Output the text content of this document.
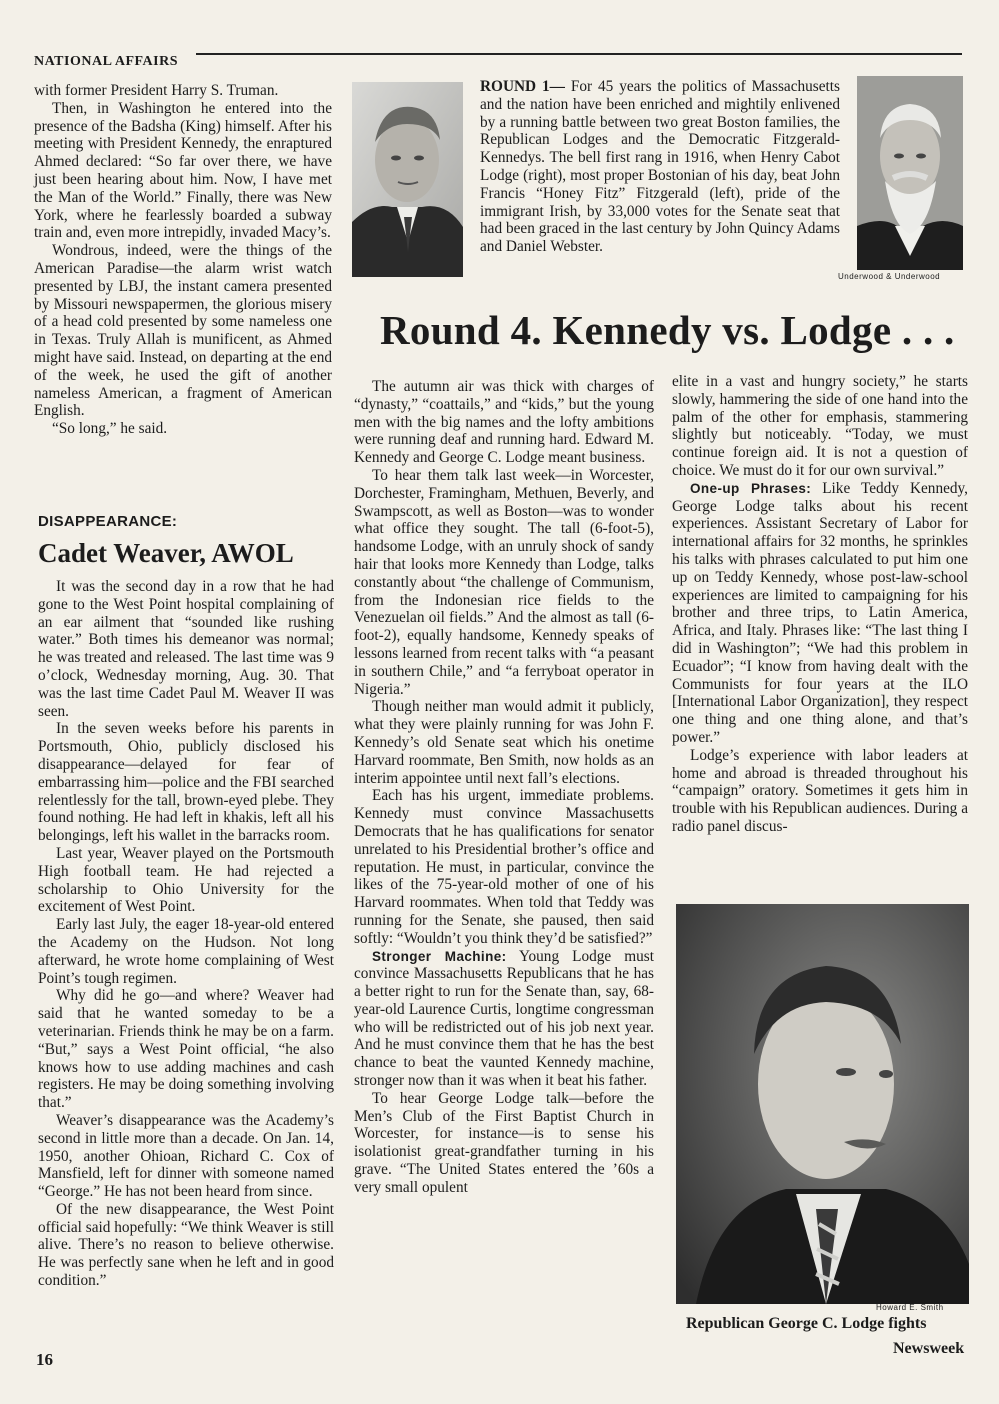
NATIONAL AFFAIRS

with former President Harry S. Truman.

Then, in Washington he entered into the presence of the Badsha (King) himself. After his meeting with President Kennedy, the enraptured Ahmed declared: “So far over there, we have just been hearing about him. Now, I have met the Man of the World.” Finally, there was New York, where he fearlessly boarded a subway train and, even more intrepidly, invaded Macy’s.

Wondrous, indeed, were the things of the American Paradise—the alarm wrist watch presented by LBJ, the instant camera presented by Missouri newspapermen, the glorious misery of a head cold presented by some nameless one in Texas. Truly Allah is munificent, as Ahmed might have said. Instead, on departing at the end of the week, he used the gift of another nameless American, a fragment of American English.

“So long,” he said.

DISAPPEARANCE:
Cadet Weaver, AWOL

It was the second day in a row that he had gone to the West Point hospital complaining of an ear ailment that “sounded like rushing water.” Both times his demeanor was normal; he was treated and released. The last time was 9 o’clock, Wednesday morning, Aug. 30. That was the last time Cadet Paul M. Weaver II was seen.

In the seven weeks before his parents in Portsmouth, Ohio, publicly disclosed his disappearance—delayed for fear of embarrassing him—police and the FBI searched relentlessly for the tall, brown-eyed plebe. They found nothing. He had left in khakis, left all his belongings, left his wallet in the barracks room.

Last year, Weaver played on the Portsmouth High football team. He had rejected a scholarship to Ohio University for the excitement of West Point.

Early last July, the eager 18-year-old entered the Academy on the Hudson. Not long afterward, he wrote home complaining of West Point’s tough regimen.

Why did he go—and where? Weaver had said that he wanted someday to be a veterinarian. Friends think he may be on a farm. “But,” says a West Point official, “he also knows how to use adding machines and cash registers. He may be doing something involving that.”

Weaver’s disappearance was the Academy’s second in little more than a decade. On Jan. 14, 1950, another Ohioan, Richard C. Cox of Mansfield, left for dinner with someone named “George.” He has not been heard from since.

Of the new disappearance, the West Point official said hopefully: “We think Weaver is still alive. There’s no reason to believe otherwise. He was perfectly sane when he left and in good condition.”

ROUND 1— For 45 years the politics of Massachusetts and the nation have been enriched and mightily enlivened by a running battle between two great Boston families, the Republican Lodges and the Democratic Fitzgerald-Kennedys. The bell first rang in 1916, when Henry Cabot Lodge (right), most proper Bostonian of his day, beat John Francis “Honey Fitz” Fitzgerald (left), pride of the immigrant Irish, by 33,000 votes for the Senate seat that had been graced in the last century by John Quincy Adams and Daniel Webster.

Underwood & Underwood
Round 4. Kennedy vs. Lodge . . .

The autumn air was thick with charges of “dynasty,” “coattails,” and “kids,” but the young men with the big names and the lofty ambitions were running deaf and running hard. Edward M. Kennedy and George C. Lodge meant business.

To hear them talk last week—in Worcester, Dorchester, Framingham, Methuen, Beverly, and Swampscott, as well as Boston—was to wonder what office they sought. The tall (6-foot-5), handsome Lodge, with an unruly shock of sandy hair that looks more Kennedy than Lodge, talks constantly about “the challenge of Communism, from the Indonesian rice fields to the Venezuelan oil fields.” And the almost as tall (6-foot-2), equally handsome, Kennedy speaks of lessons learned from recent talks with “a peasant in southern Chile,” and “a ferryboat operator in Nigeria.”

Though neither man would admit it publicly, what they were plainly running for was John F. Kennedy’s old Senate seat which his onetime Harvard roommate, Ben Smith, now holds as an interim appointee until next fall’s elections.

Each has his urgent, immediate problems. Kennedy must convince Massachusetts Democrats that he has qualifications for senator unrelated to his Presidential brother’s office and reputation. He must, in particular, convince the likes of the 75-year-old mother of one of his Harvard roommates. When told that Teddy was running for the Senate, she paused, then said softly: “Wouldn’t you think they’d be satisfied?”

Stronger Machine: Young Lodge must convince Massachusetts Republicans that he has a better right to run for the Senate than, say, 68-year-old Laurence Curtis, longtime congressman who will be redistricted out of his job next year. And he must convince them that he has the best chance to beat the vaunted Kennedy machine, stronger now than it was when it beat his father.

To hear George Lodge talk—before the Men’s Club of the First Baptist Church in Worcester, for instance—is to sense his isolationist great-grandfather turning in his grave. “The United States entered the ’60s a very small opulent

elite in a vast and hungry society,” he starts slowly, hammering the side of one hand into the palm of the other for emphasis, stammering slightly but noticeably. “Today, we must continue foreign aid. It is not a question of choice. We must do it for our own survival.”

One-up Phrases: Like Teddy Kennedy, George Lodge talks about his recent experiences. Assistant Secretary of Labor for international affairs for 32 months, he sprinkles his talks with phrases calculated to put him one up on Teddy Kennedy, whose post-law-school experiences are limited to campaigning for his brother and three trips, to Latin America, Africa, and Italy. Phrases like: “The last thing I did in Washington”; “We had this problem in Ecuador”; “I know from having dealt with the Communists for four years at the ILO [International Labor Organization], they respect one thing and one thing alone, and that’s power.”

Lodge’s experience with labor leaders at home and abroad is threaded throughout his “campaign” oratory. Sometimes it gets him in trouble with his Republican audiences. During a radio panel discus-

Howard E. Smith
Republican George C. Lodge fights
16
Newsweek
